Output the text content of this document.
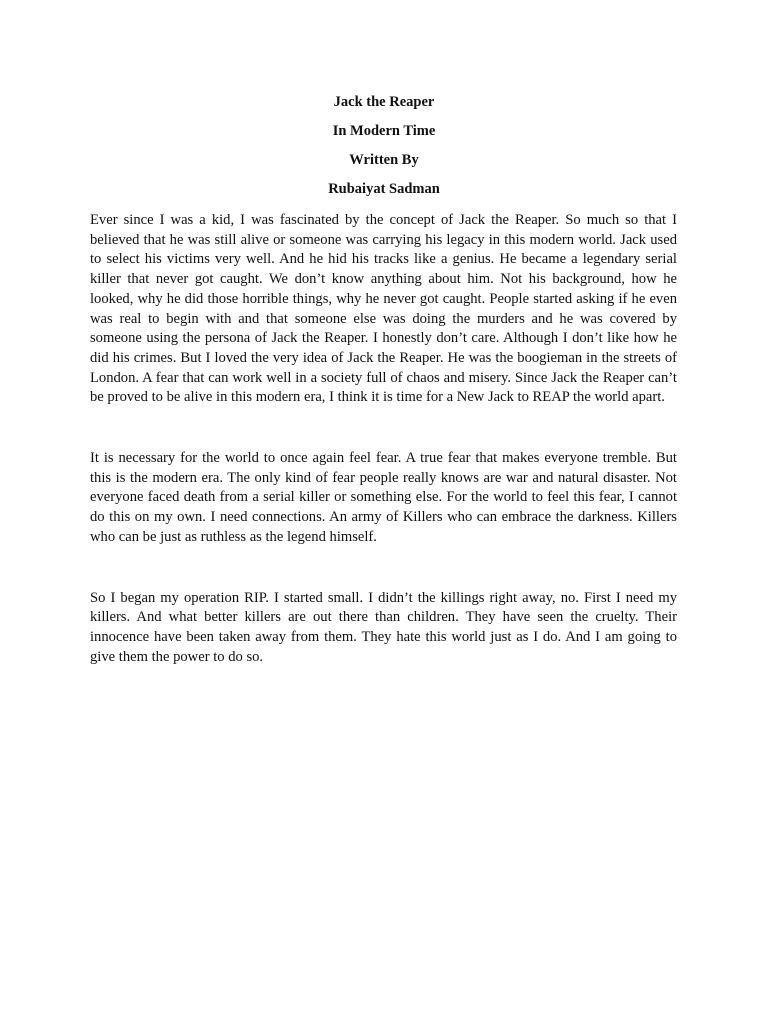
Jack the Reaper

In Modern Time

Written By

Rubaiyat Sadman

Ever since I was a kid, I was fascinated by the concept of Jack the Reaper. So much so that I believed that he was still alive or someone was carrying his legacy in this modern world. Jack used to select his victims very well. And he hid his tracks like a genius. He became a legendary serial killer that never got caught. We don’t know anything about him. Not his background, how he looked, why he did those horrible things, why he never got caught. People started asking if he even was real to begin with and that someone else was doing the murders and he was covered by someone using the persona of Jack the Reaper. I honestly don’t care. Although I don’t like how he did his crimes. But I loved the very idea of Jack the Reaper. He was the boogieman in the streets of London. A fear that can work well in a society full of chaos and misery. Since Jack the Reaper can’t be proved to be alive in this modern era, I think it is time for a New Jack to REAP the world apart.

It is necessary for the world to once again feel fear. A true fear that makes everyone tremble. But this is the modern era. The only kind of fear people really knows are war and natural disaster. Not everyone faced death from a serial killer or something else. For the world to feel this fear, I cannot do this on my own. I need connections. An army of Killers who can embrace the darkness. Killers who can be just as ruthless as the legend himself.

So I began my operation RIP. I started small. I didn’t the killings right away, no. First I need my killers. And what better killers are out there than children. They have seen the cruelty. Their innocence have been taken away from them. They hate this world just as I do. And I am going to give them the power to do so.
